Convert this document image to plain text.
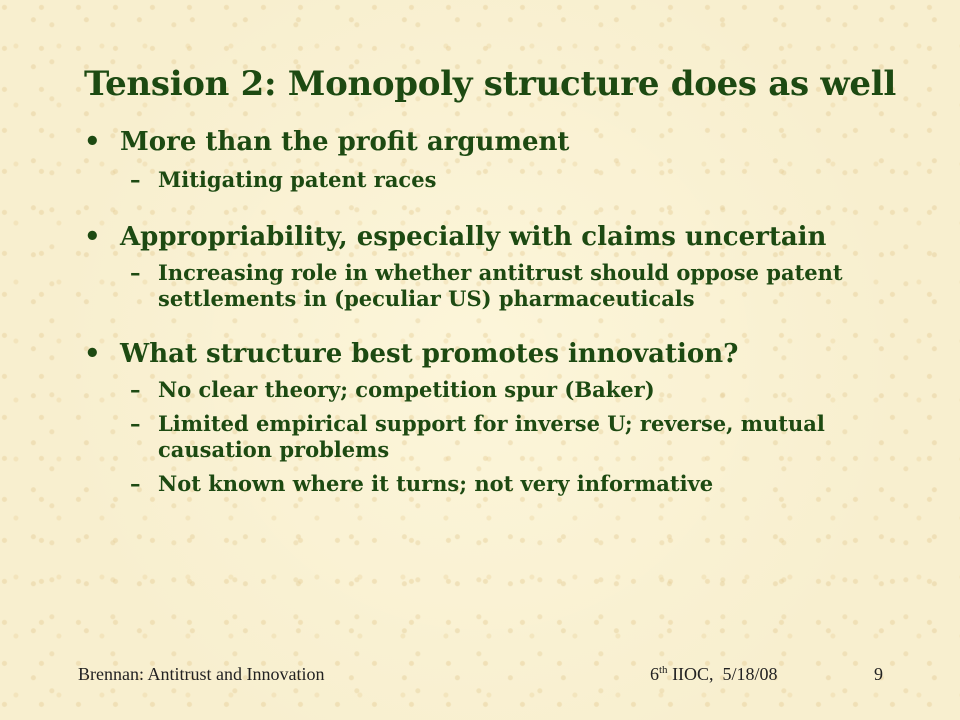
Tension 2: Monopoly structure does as well
• More than the profit argument
– Mitigating patent races
• Appropriability, especially with claims uncertain
– Increasing role in whether antitrust should oppose patent settlements in (peculiar US) pharmaceuticals
• What structure best promotes innovation?
– No clear theory; competition spur (Baker)
– Limited empirical support for inverse U; reverse, mutual causation problems
– Not known where it turns; not very informative
Brennan: Antitrust and Innovation	6th IIOC,  5/18/08	9
